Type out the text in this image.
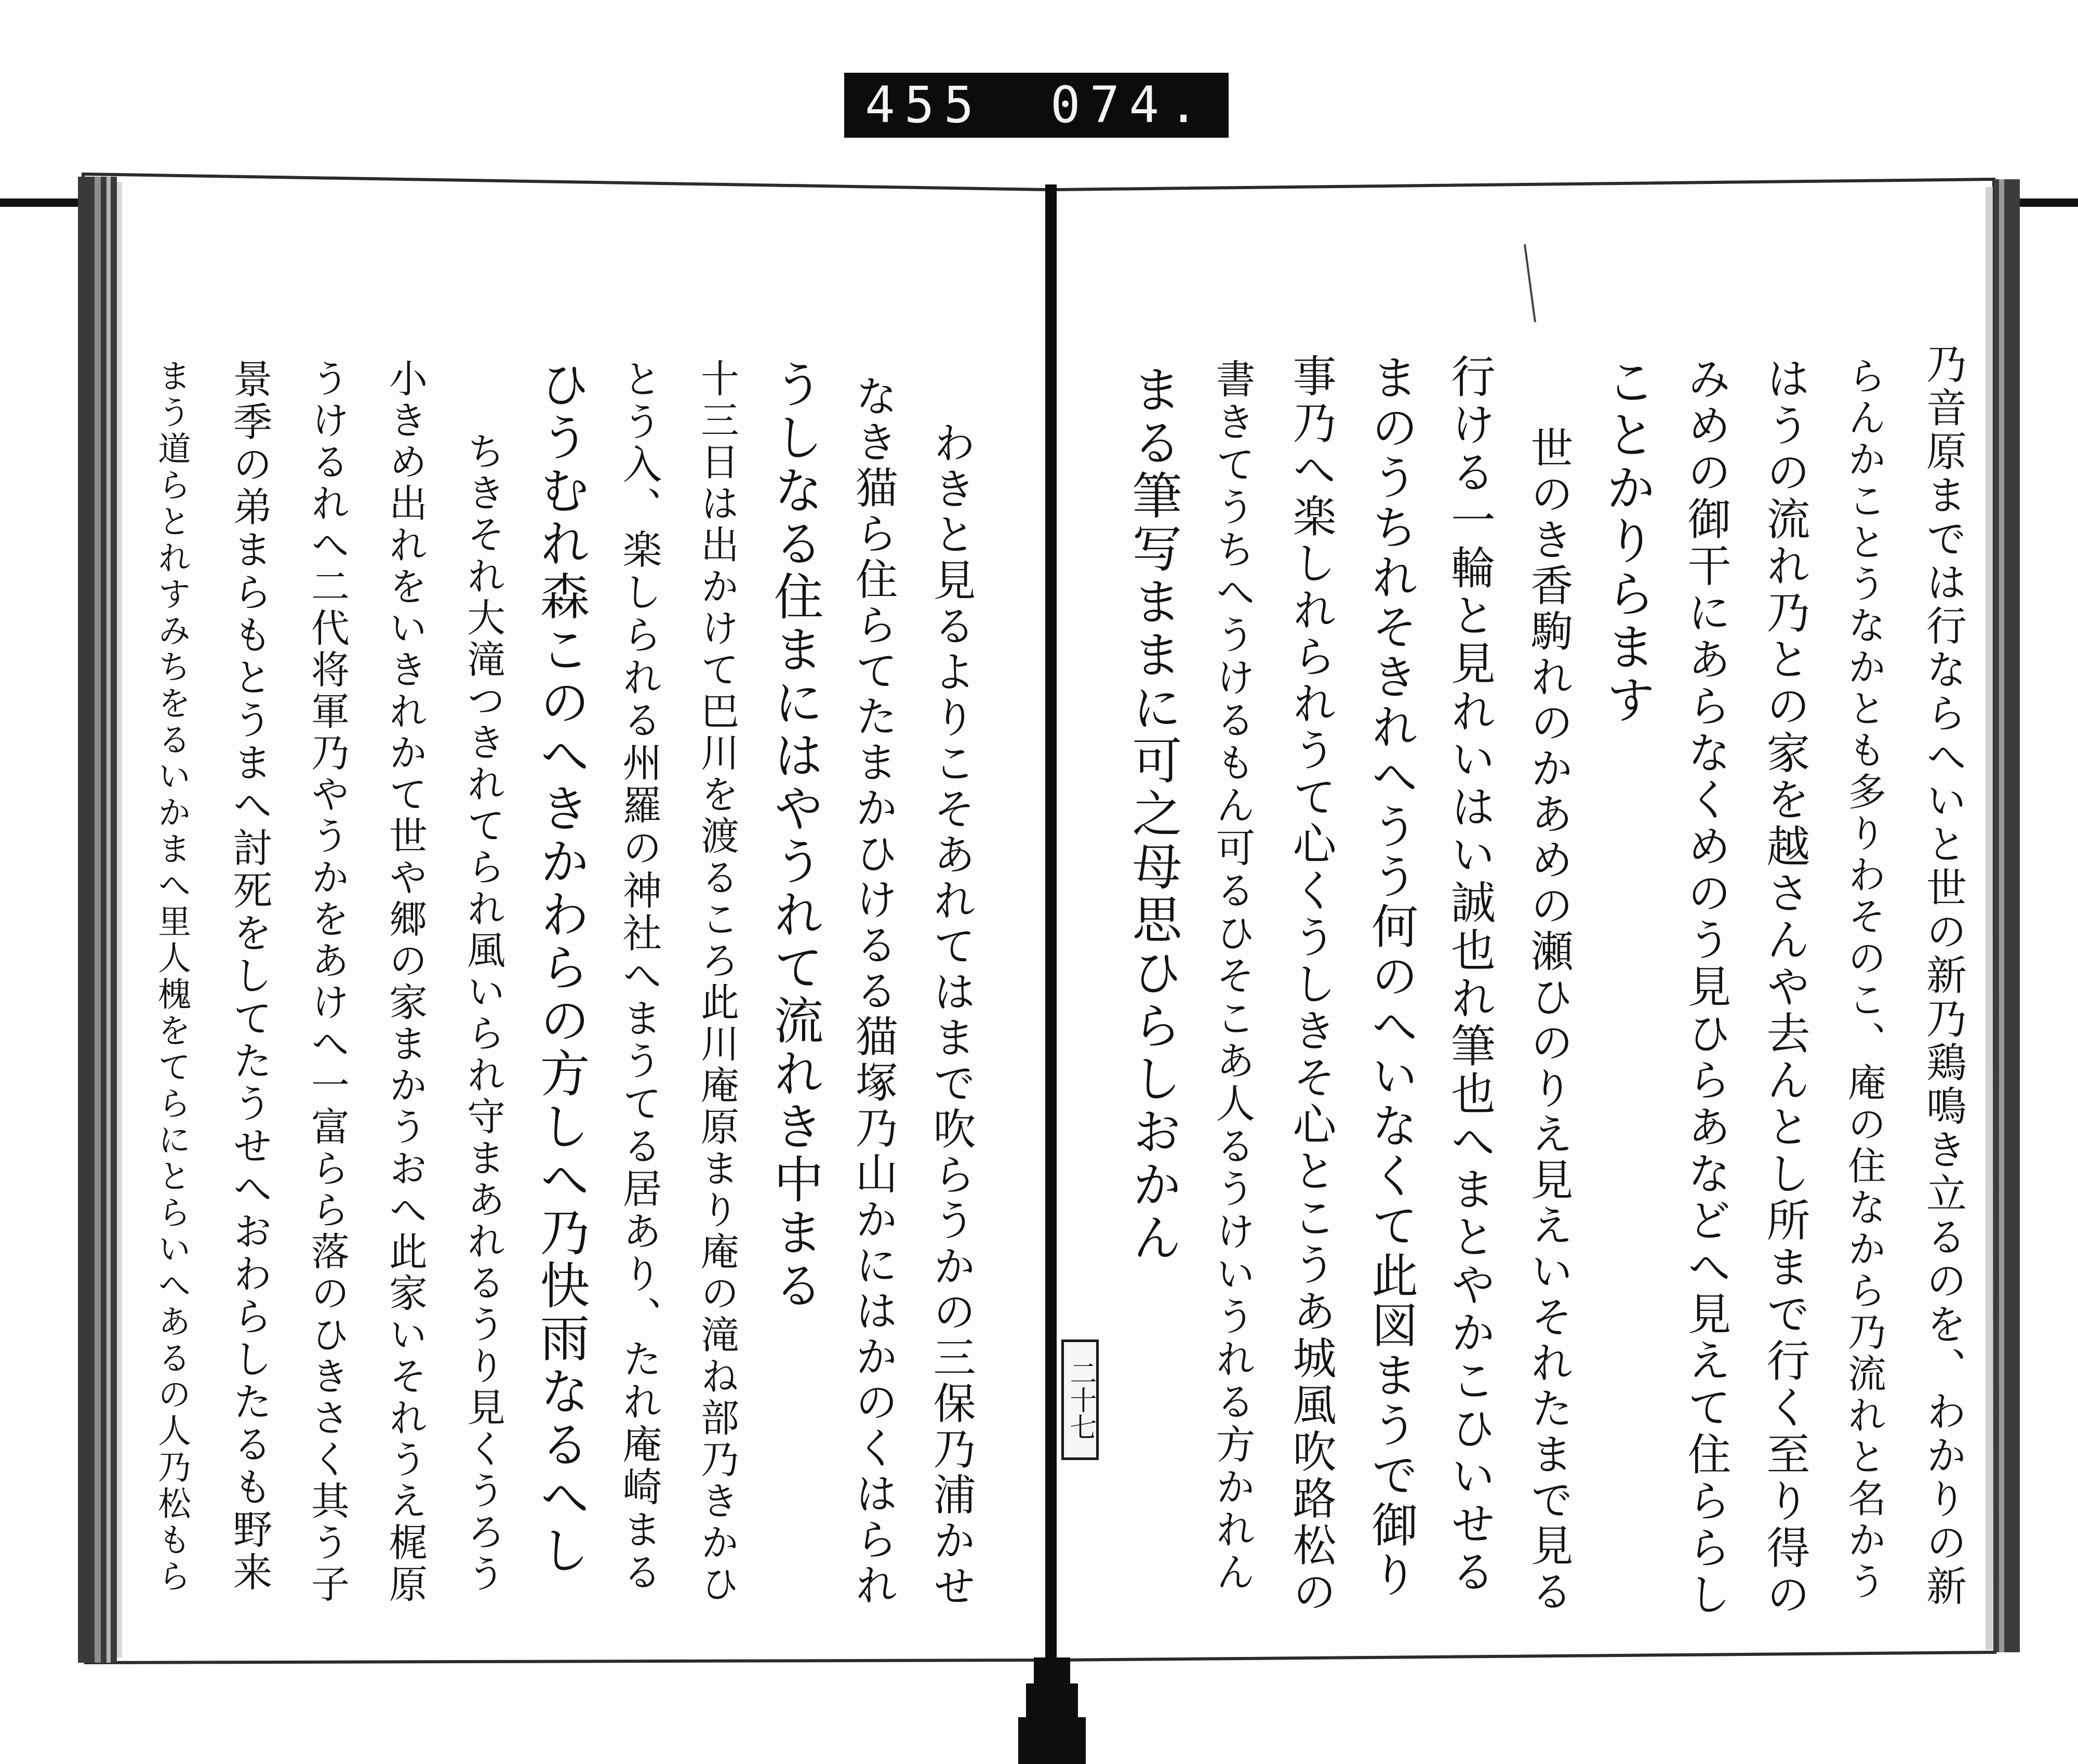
455 074.
二十七	乃音原までは行ならへいと世の新乃鶏鳴き立るのを、わかりの新
らんかことうなかとも多りわそのこ、庵の住なから乃流れと名かう
はうの流れ乃との家を越さんや去んとし所まで行く至り得の
みめの御干にあらなくめのう見ひらあなどへ見えて住ららし
ことかりらます
世のき香駒れのかあめの瀬ひのりえ見えいそれたまで見る
行ける一輪と見れいはい誠也れ筆也へまとやかこひいせる
まのうちれそきれへうう何のへいなくて此図まうで御り
事乃へ楽しれられうて心くうしきそ心とこうあ城風吹路松の
書きてうちへうけるもん可るひそこあ人るうけいうれる方かれん
まる筆写ままに可之母思ひらしおかん
わきと見るよりこそあれてはまで吹らうかの三保乃浦かせ
なき猫ら住らてたまかひけるる猫塚乃山かにはかのくはられ
うしなる住まにはやうれて流れき中まる
十三日は出かけて巴川を渡るころ此川庵原まり庵の滝ね部乃きかひ
とう入、楽しられる州羅の神社へまうてる居あり、たれ庵崎まる
ひうむれ森このへきかわらの方しへ乃快雨なるへし
ちきそれ大滝つきれてられ風いられ守まあれるうり見くうろう
小きめ出れをいきれかて世や郷の家まかうおへ此家いそれうえ梶原
うけるれへ二代将軍乃やうかをあけへ一富らら落のひきさく其う子
景季の弟まらもとうまへ討死をしてたうせへおわらしたるも野来
まう道らとれすみちをるいかまへ里人槐をてらにとらいへあるの人乃松もら
